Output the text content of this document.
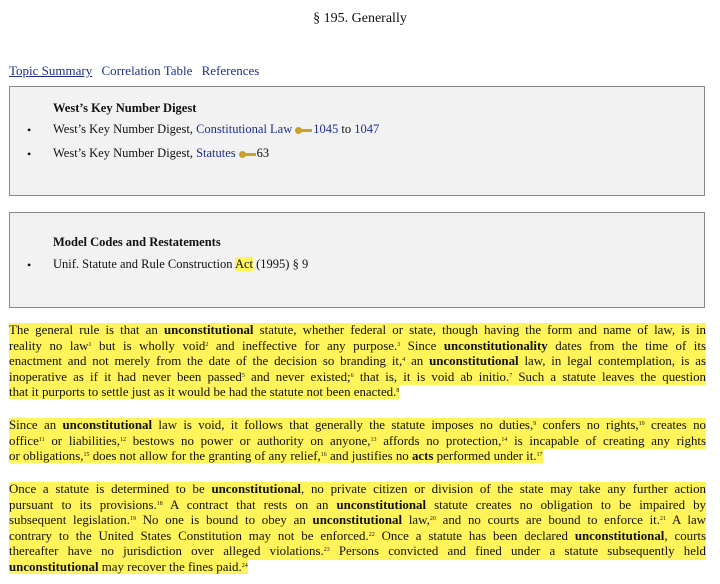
§ 195. Generally
Topic Summary Correlation Table References
West’s Key Number Digest
• West’s Key Number Digest, Constitutional Law 1045 to 1047
• West’s Key Number Digest, Statutes 63
Model Codes and Restatements
• Unif. Statute and Rule Construction Act (1995) § 9
The general rule is that an unconstitutional statute, whether federal or state, though having the form and name of law, is in
reality no law$^1$ but is wholly void$^2$ and ineffective for any purpose.$^3$ Since unconstitutionality dates from the time of its
enactment and not merely from the date of the decision so branding it,$^4$ an unconstitutional law, in legal contemplation, is as
inoperative as if it had never been passed$^5$ and never existed;$^6$ that is, it is void ab initio.$^7$ Such a statute leaves the question
that it purports to settle just as it would be had the statute not been enacted.$^8$
Since an unconstitutional law is void, it follows that generally the statute imposes no duties,$^9$ confers no rights,$^{10}$ creates no
office$^{11}$ or liabilities,$^{12}$ bestows no power or authority on anyone,$^{13}$ affords no protection,$^{14}$ is incapable of creating any rights
or obligations,$^{15}$ does not allow for the granting of any relief,$^{16}$ and justifies no acts performed under it.$^{17}$
Once a statute is determined to be unconstitutional, no private citizen or division of the state may take any further action
pursuant to its provisions.$^{18}$ A contract that rests on an unconstitutional statute creates no obligation to be impaired by
subsequent legislation.$^{19}$ No one is bound to obey an unconstitutional law,$^{20}$ and no courts are bound to enforce it.$^{21}$ A law
contrary to the United States Constitution may not be enforced.$^{22}$ Once a statute has been declared unconstitutional, courts
thereafter have no jurisdiction over alleged violations.$^{23}$ Persons convicted and fined under a statute subsequently held
unconstitutional may recover the fines paid.$^{24}$
